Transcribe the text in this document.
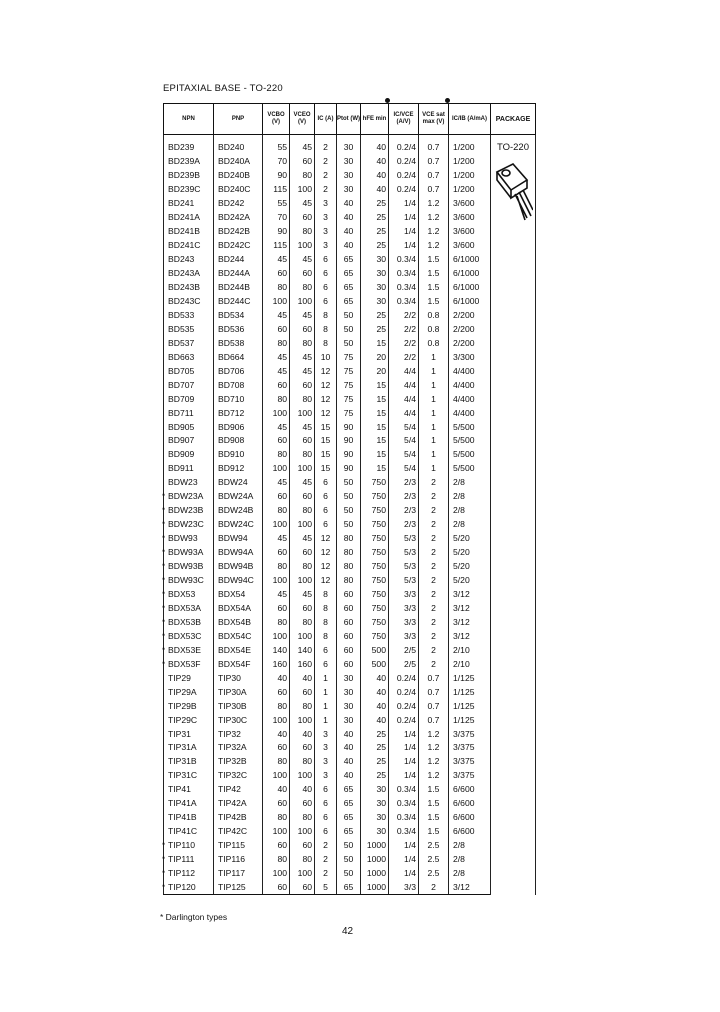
EPITAXIAL BASE - TO-220
NPN	PNP	VCBO (V)	VCEO (V)	IC (A)	Ptot (W)	hFE min	IC/VCE (A/V)	VCE sat max (V)	IC/IB (A/mA)	PACKAGE
BD239	BD240	55	45	2	30	40	0.2/4	0.7	1/200	TO-220

BD239A	BD240A	70	60	2	30	40	0.2/4	0.7	1/200	
BD239B	BD240B	90	80	2	30	40	0.2/4	0.7	1/200	
BD239C	BD240C	115	100	2	30	40	0.2/4	0.7	1/200	
BD241	BD242	55	45	3	40	25	1/4	1.2	3/600	
BD241A	BD242A	70	60	3	40	25	1/4	1.2	3/600	
BD241B	BD242B	90	80	3	40	25	1/4	1.2	3/600	
BD241C	BD242C	115	100	3	40	25	1/4	1.2	3/600	
BD243	BD244	45	45	6	65	30	0.3/4	1.5	6/1000	
BD243A	BD244A	60	60	6	65	30	0.3/4	1.5	6/1000	
BD243B	BD244B	80	80	6	65	30	0.3/4	1.5	6/1000	
BD243C	BD244C	100	100	6	65	30	0.3/4	1.5	6/1000	
BD533	BD534	45	45	8	50	25	2/2	0.8	2/200	
BD535	BD536	60	60	8	50	25	2/2	0.8	2/200	
BD537	BD538	80	80	8	50	15	2/2	0.8	2/200	
BD663	BD664	45	45	10	75	20	2/2	1	3/300	
BD705	BD706	45	45	12	75	20	4/4	1	4/400	
BD707	BD708	60	60	12	75	15	4/4	1	4/400	
BD709	BD710	80	80	12	75	15	4/4	1	4/400	
BD711	BD712	100	100	12	75	15	4/4	1	4/400	
BD905	BD906	45	45	15	90	15	5/4	1	5/500	
BD907	BD908	60	60	15	90	15	5/4	1	5/500	
BD909	BD910	80	80	15	90	15	5/4	1	5/500	
BD911	BD912	100	100	15	90	15	5/4	1	5/500	
BDW23	BDW24	45	45	6	50	750	2/3	2	2/8	

* BDW23A	BDW24A	60	60	6	50	750	2/3	2	2/8	

* BDW23B	BDW24B	80	80	6	50	750	2/3	2	2/8	

* BDW23C	BDW24C	100	100	6	50	750	2/3	2	2/8	

* BDW93	BDW94	45	45	12	80	750	5/3	2	5/20	

* BDW93A	BDW94A	60	60	12	80	750	5/3	2	5/20	

* BDW93B	BDW94B	80	80	12	80	750	5/3	2	5/20	

* BDW93C	BDW94C	100	100	12	80	750	5/3	2	5/20	

* BDX53	BDX54	45	45	8	60	750	3/3	2	3/12	

* BDX53A	BDX54A	60	60	8	60	750	3/3	2	3/12	

* BDX53B	BDX54B	80	80	8	60	750	3/3	2	3/12	

* BDX53C	BDX54C	100	100	8	60	750	3/3	2	3/12	

* BDX53E	BDX54E	140	140	6	60	500	2/5	2	2/10	

* BDX53F	BDX54F	160	160	6	60	500	2/5	2	2/10	
TIP29	TIP30	40	40	1	30	40	0.2/4	0.7	1/125	
TIP29A	TIP30A	60	60	1	30	40	0.2/4	0.7	1/125	
TIP29B	TIP30B	80	80	1	30	40	0.2/4	0.7	1/125	
TIP29C	TIP30C	100	100	1	30	40	0.2/4	0.7	1/125	
TIP31	TIP32	40	40	3	40	25	1/4	1.2	3/375	
TIP31A	TIP32A	60	60	3	40	25	1/4	1.2	3/375	
TIP31B	TIP32B	80	80	3	40	25	1/4	1.2	3/375	
TIP31C	TIP32C	100	100	3	40	25	1/4	1.2	3/375	
TIP41	TIP42	40	40	6	65	30	0.3/4	1.5	6/600	
TIP41A	TIP42A	60	60	6	65	30	0.3/4	1.5	6/600	
TIP41B	TIP42B	80	80	6	65	30	0.3/4	1.5	6/600	
TIP41C	TIP42C	100	100	6	65	30	0.3/4	1.5	6/600	

* TIP110	TIP115	60	60	2	50	1000	1/4	2.5	2/8	

* TIP111	TIP116	80	80	2	50	1000	1/4	2.5	2/8	

* TIP112	TIP117	100	100	2	50	1000	1/4	2.5	2/8	

* TIP120	TIP125	60	60	5	65	1000	3/3	2	3/12	
* Darlington types
42
